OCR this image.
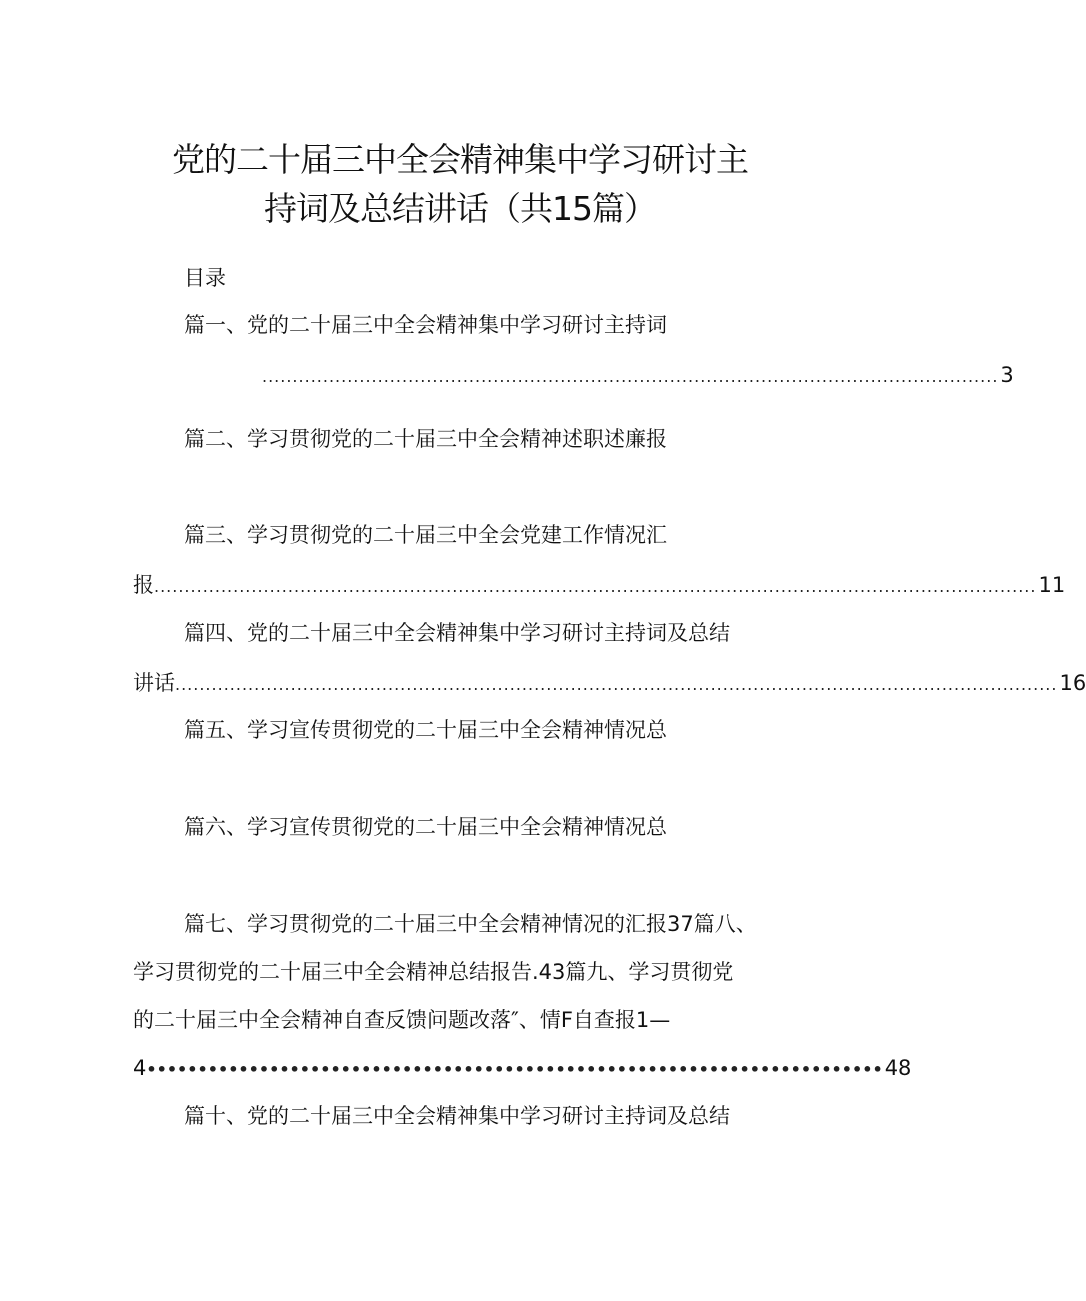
党的二十届三中全会精神集中学习研讨主
持词及总结讲话（共15篇）
目录
篇一、党的二十届三中全会精神集中学习研讨主持词
......................................................................................................................... 3
篇二、学习贯彻党的二十届三中全会精神述职述廉报
篇三、学习贯彻党的二十届三中全会党建工作情况汇
报 ................................................................................................................................................. 11
篇四、党的二十届三中全会精神集中学习研讨主持词及总结
讲话 ................................................................................................................................................. 16
篇五、学习宣传贯彻党的二十届三中全会精神情况总
篇六、学习宣传贯彻党的二十届三中全会精神情况总
篇七、学习贯彻党的二十届三中全会精神情况的汇报37篇八、
学习贯彻党的二十届三中全会精神总结报告.43篇九、学习贯彻党
的二十届三中全会精神自查反馈问题改落″、情F自查报1—
4 •••••••••••••••••••••••••••••••••••••••••••••••••••••••••••••••••••••••• 48
篇十、党的二十届三中全会精神集中学习研讨主持词及总结
